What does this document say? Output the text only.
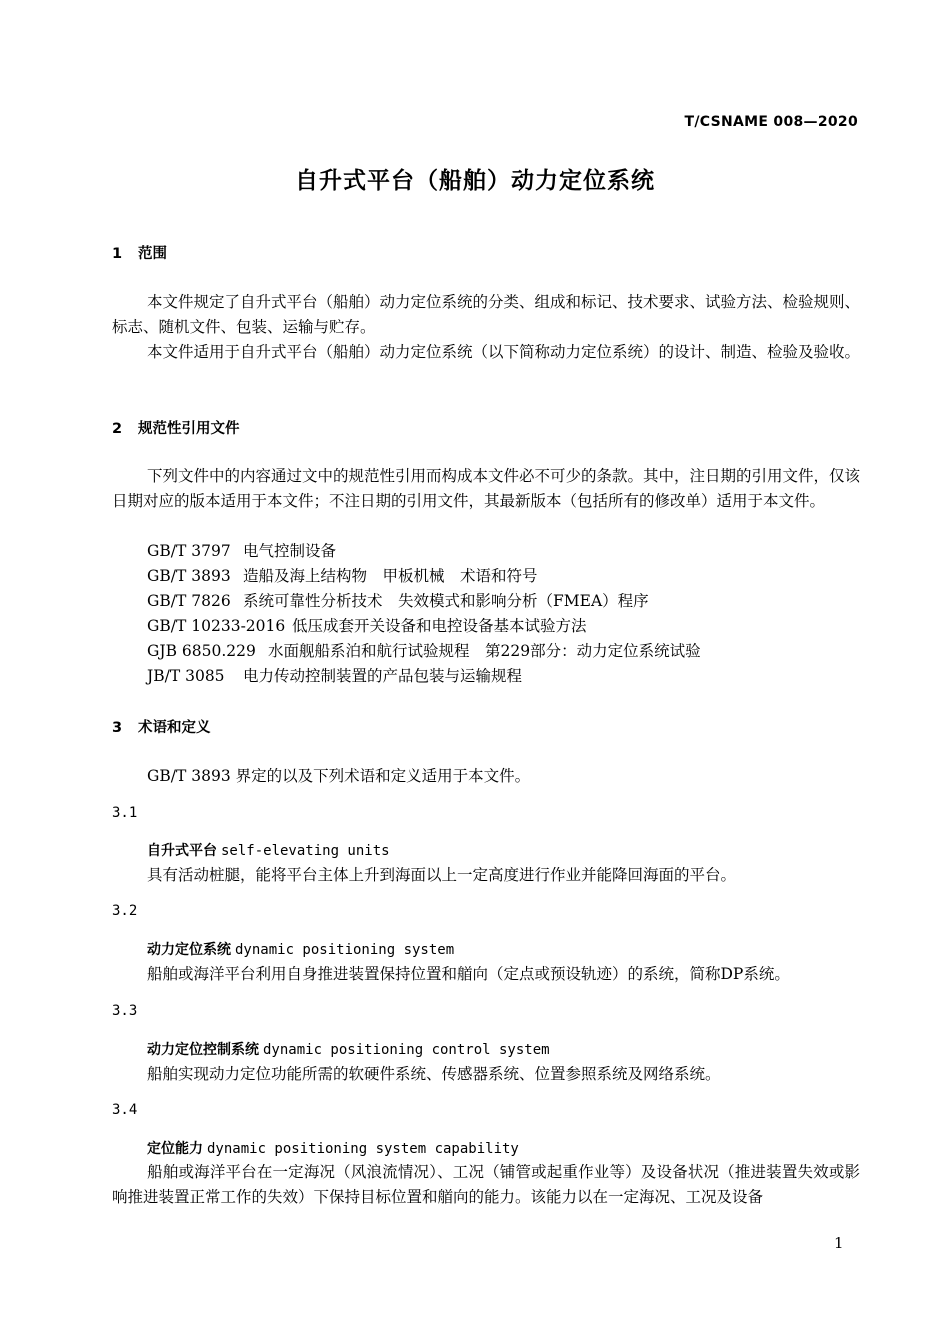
T/CSNAME 008—2020
自升式平台（船舶）动力定位系统
1 范围
本文件规定了自升式平台（船舶）动力定位系统的分类、组成和标记、技术要求、试验方法、检验规则、标志、随机文件、包装、运输与贮存。
本文件适用于自升式平台（船舶）动力定位系统（以下简称动力定位系统）的设计、制造、检验及验收。
2 规范性引用文件
下列文件中的内容通过文中的规范性引用而构成本文件必不可少的条款。其中，注日期的引用文件，仅该日期对应的版本适用于本文件；不注日期的引用文件，其最新版本（包括所有的修改单）适用于本文件。
GB/T 3797 电气控制设备
GB/T 3893 造船及海上结构物　甲板机械　术语和符号
GB/T 7826 系统可靠性分析技术　失效模式和影响分析（FMEA）程序
GB/T 10233-2016 低压成套开关设备和电控设备基本试验方法
GJB 6850.229 水面舰船系泊和航行试验规程　第229部分：动力定位系统试验
JB/T 3085 电力传动控制装置的产品包装与运输规程
3 术语和定义
GB/T 3893 界定的以及下列术语和定义适用于本文件。
3.1
自升式平台 self-elevating units
具有活动桩腿，能将平台主体上升到海面以上一定高度进行作业并能降回海面的平台。
3.2
动力定位系统 dynamic positioning system
船舶或海洋平台利用自身推进装置保持位置和艏向（定点或预设轨迹）的系统，简称DP系统。
3.3
动力定位控制系统 dynamic positioning control system
船舶实现动力定位功能所需的软硬件系统、传感器系统、位置参照系统及网络系统。
3.4
定位能力 dynamic positioning system capability
船舶或海洋平台在一定海况（风浪流情况）、工况（铺管或起重作业等）及设备状况（推进装置失效或影响推进装置正常工作的失效）下保持目标位置和艏向的能力。该能力以在一定海况、工况及设备
1
